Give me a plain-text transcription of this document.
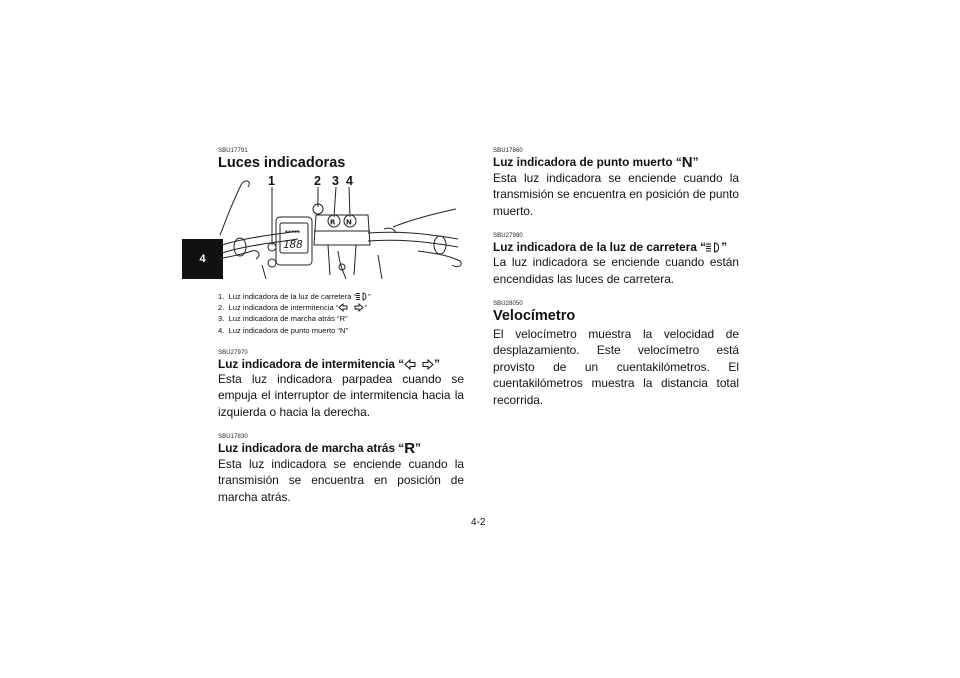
4

SBU17791

Luces indicadoras
1	2 3 4
▪▪▪▪▪
188
R N
1. Luz indicadora de la luz de carretera “ ”
2. Luz indicadora de intermitencia “	”
3. Luz indicadora de marcha atrás “R”
4. Luz indicadora de punto muerto “N”

SBU27970

Luz indicadora de intermitencia “	”

Esta luz indicadora parpadea cuando se empuja el interruptor de intermitencia hacia la izquierda o hacia la derecha.

SBU17830

Luz indicadora de marcha atrás “R”

Esta luz indicadora se enciende cuando la transmisión se encuentra en posición de marcha atrás.

SBU17860

Luz indicadora de punto muerto “N”

Esta luz indicadora se enciende cuando la transmisión se encuentra en posición de punto muerto.

SBU27980

Luz indicadora de la luz de carretera “ ”

La luz indicadora se enciende cuando están encendidas las luces de carretera.

SBU28050

Velocímetro

El velocímetro muestra la velocidad de desplazamiento. Este velocímetro está provisto de un cuentakilómetros. El cuentakilómetros muestra la distancia total recorrida.

4-2
